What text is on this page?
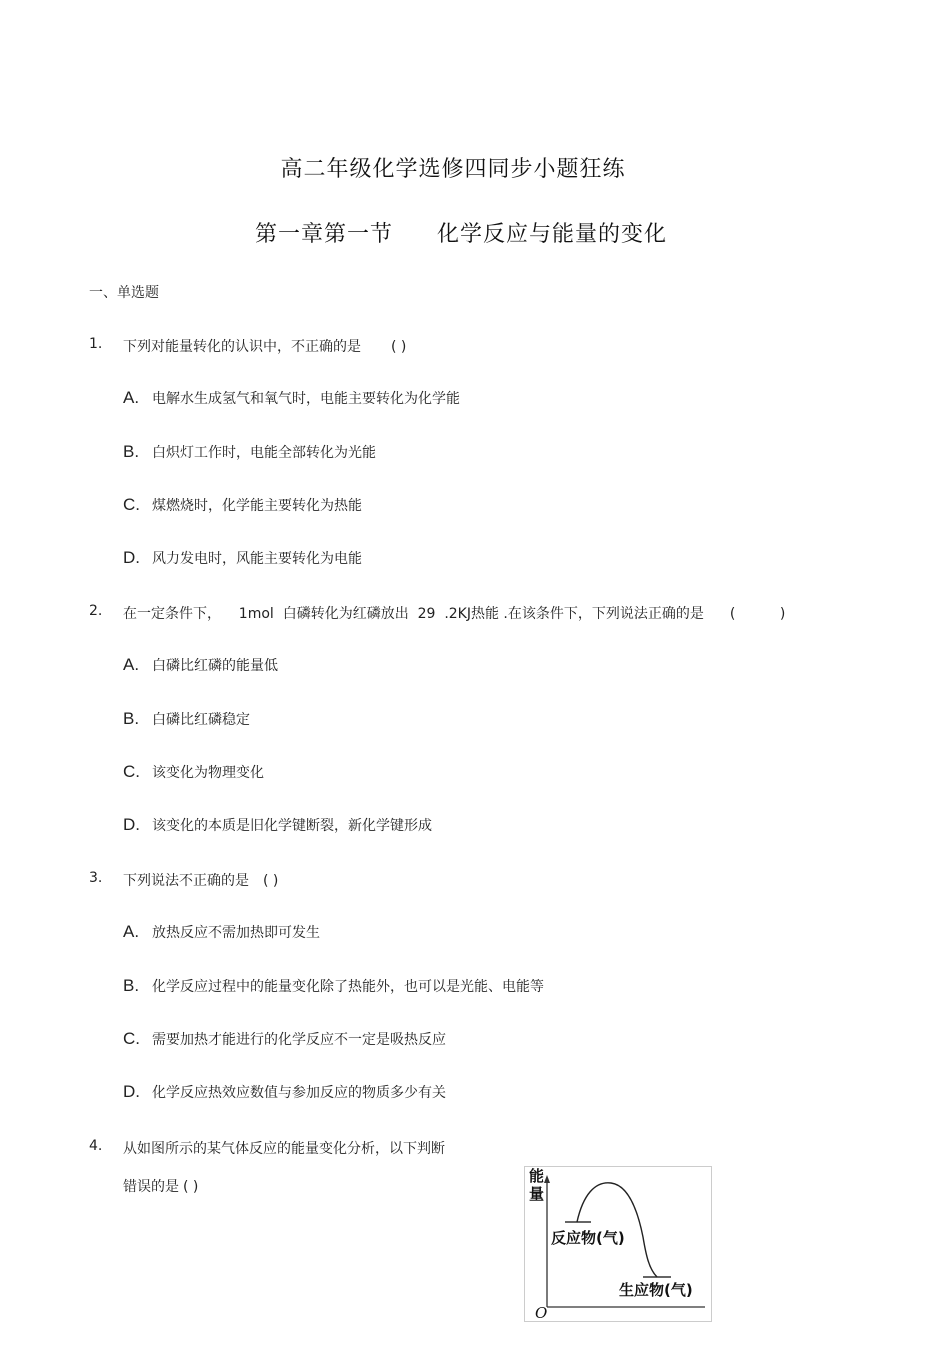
高二年级化学选修四同步小题狂练
第一章第一节 化学反应与能量的变化
一、单选题
1. 下列对能量转化的认识中，不正确的是 ( )
A. 电解水生成氢气和氧气时，电能主要转化为化学能
B. 白炽灯工作时，电能全部转化为光能
C. 煤燃烧时，化学能主要转化为热能
D. 风力发电时，风能主要转化为电能
2. 在一定条件下，    1mol  白磷转化为红磷放出  29  .2KJ热能 .在该条件下，下列说法正确的是 (          )
A. 白磷比红磷的能量低
B. 白磷比红磷稳定
C. 该变化为物理变化
D. 该变化的本质是旧化学键断裂，新化学键形成
3. 下列说法不正确的是 ( )
A. 放热反应不需加热即可发生
B. 化学反应过程中的能量变化除了热能外，也可以是光能、电能等
C. 需要加热才能进行的化学反应不一定是吸热反应
D. 化学反应热效应数值与参加反应的物质多少有关
4. 从如图所示的某气体反应的能量变化分析，以下判断
错误的是 ( )
能
量
O
反应物(气)
生应物(气)
